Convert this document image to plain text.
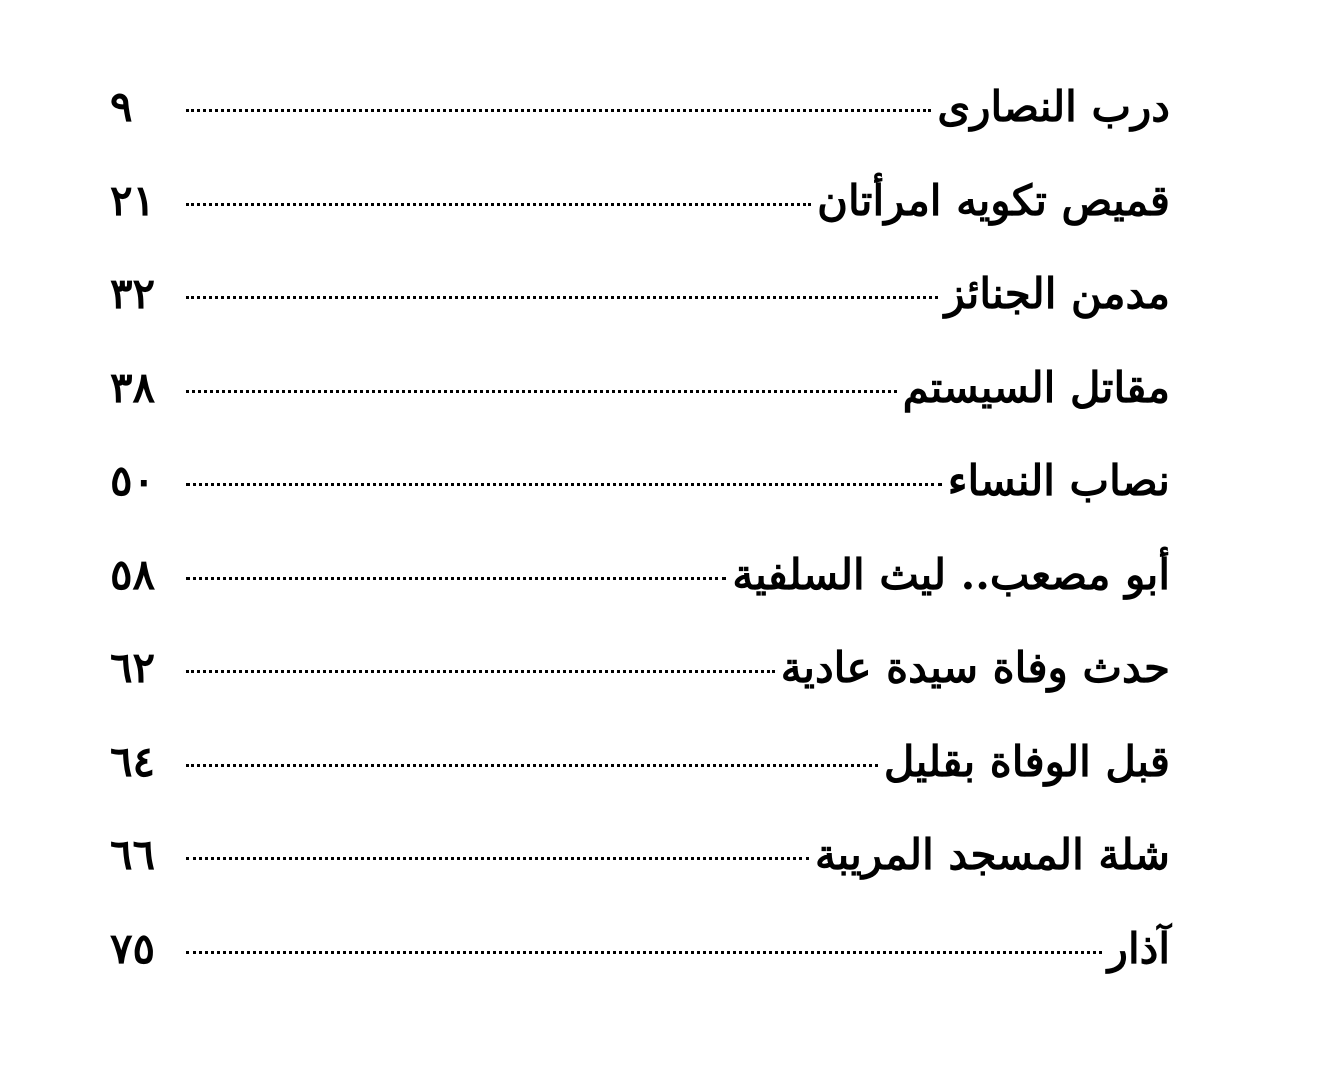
درب النصارى
٩
قميص تكويه امرأتان
٢١
مدمن الجنائز
٣٢
مقاتل السيستم
٣٨
نصاب النساء
٥٠
أبو مصعب.. ليث السلفية
٥٨
حدث وفاة سيدة عادية
٦٢
قبل الوفاة بقليل
٦٤
شلة المسجد المريبة
٦٦
آذار
٧٥
